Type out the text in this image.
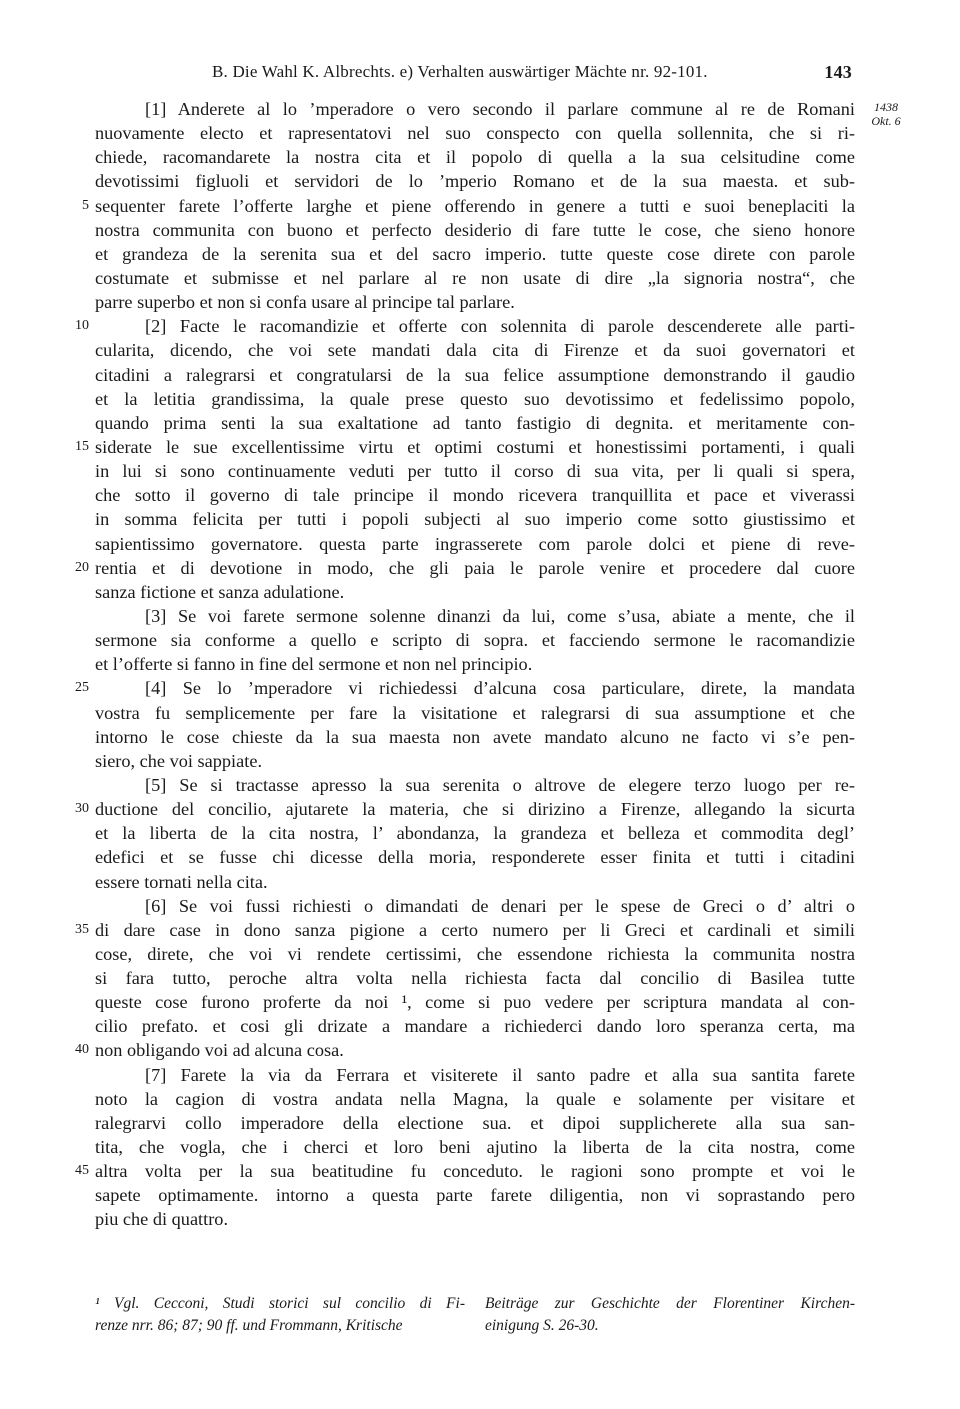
B. Die Wahl K. Albrechts. e) Verhalten auswärtiger Mächte nr. 92-101.	143
1438
Okt. 6
[1] Anderete al lo ’mperadore o vero secondo il parlare commune al re de Romani
nuovamente electo et rapresentatovi nel suo conspecto con quella sollennita, che si ri-
chiede, racomandarete la nostra cita et il popolo di quella a la sua celsitudine come
devotissimi figluoli et servidori de lo ’mperio Romano et de la sua maesta. et sub-
5 sequenter farete l’offerte larghe et piene offerendo in genere a tutti e suoi beneplaciti la
nostra communita con buono et perfecto desiderio di fare tutte le cose, che sieno honore
et grandeza de la serenita sua et del sacro imperio. tutte queste cose direte con parole
costumate et submisse et nel parlare al re non usate di dire „la signoria nostra“, che
parre superbo et non si confa usare al principe tal parlare.
10	[2] Facte le racomandizie et offerte con solennita di parole descenderete alle parti-
cularita, dicendo, che voi sete mandati dala cita di Firenze et da suoi governatori et
citadini a ralegrarsi et congratularsi de la sua felice assumptione demonstrando il gaudio
et la letitia grandissima, la quale prese questo suo devotissimo et fedelissimo popolo,
quando prima senti la sua exaltatione ad tanto fastigio di degnita. et meritamente con-
15 siderate le sue excellentissime virtu et optimi costumi et honestissimi portamenti, i quali
in lui si sono continuamente veduti per tutto il corso di sua vita, per li quali si spera,
che sotto il governo di tale principe il mondo ricevera tranquillita et pace et viverassi
in somma felicita per tutti i popoli subjecti al suo imperio come sotto giustissimo et
sapientissimo governatore. questa parte ingrasserete com parole dolci et piene di reve-
20 rentia et di devotione in modo, che gli paia le parole venire et procedere dal cuore
sanza fictione et sanza adulatione.
[3] Se voi farete sermone solenne dinanzi da lui, come s’usa, abiate a mente, che il
sermone sia conforme a quello e scripto di sopra. et facciendo sermone le racomandizie
et l’offerte si fanno in fine del sermone et non nel principio.
25	[4] Se lo ’mperadore vi richiedessi d’alcuna cosa particulare, direte, la mandata
vostra fu semplicemente per fare la visitatione et ralegrarsi di sua assumptione et che
intorno le cose chieste da la sua maesta non avete mandato alcuno ne facto vi s’e pen-
siero, che voi sappiate.
[5] Se si tractasse apresso la sua serenita o altrove de elegere terzo luogo per re-
30 ductione del concilio, ajutarete la materia, che si dirizino a Firenze, allegando la sicurta
et la liberta de la cita nostra, l’ abondanza, la grandeza et belleza et commodita degl’
edefici et se fusse chi dicesse della moria, responderete esser finita et tutti i citadini
essere tornati nella cita.
[6] Se voi fussi richiesti o dimandati de denari per le spese de Greci o d’ altri o
35 di dare case in dono sanza pigione a certo numero per li Greci et cardinali et simili
cose, direte, che voi vi rendete certissimi, che essendone richiesta la communita nostra
si fara tutto, peroche altra volta nella richiesta facta dal concilio di Basilea tutte
queste cose furono proferte da noi ¹, come si puo vedere per scriptura mandata al con-
cilio prefato. et cosi gli drizate a mandare a richiederci dando loro speranza certa, ma
40 non obligando voi ad alcuna cosa.
[7] Farete la via da Ferrara et visiterete il santo padre et alla sua santita farete
noto la cagion di vostra andata nella Magna, la quale e solamente per visitare et
ralegrarvi collo imperadore della electione sua. et dipoi supplicherete alla sua san-
tita, che vogla, che i cherci et loro beni ajutino la liberta de la cita nostra, come
45 altra volta per la sua beatitudine fu conceduto. le ragioni sono prompte et voi le
sapete optimamente. intorno a questa parte farete diligentia, non vi soprastando pero
piu che di quattro.
¹ Vgl. Cecconi, Studi storici sul concilio di Fi-
renze nrr. 86; 87; 90 ff. und Frommann, Kritische
Beiträge zur Geschichte der Florentiner Kirchen-
einigung S. 26-30.
